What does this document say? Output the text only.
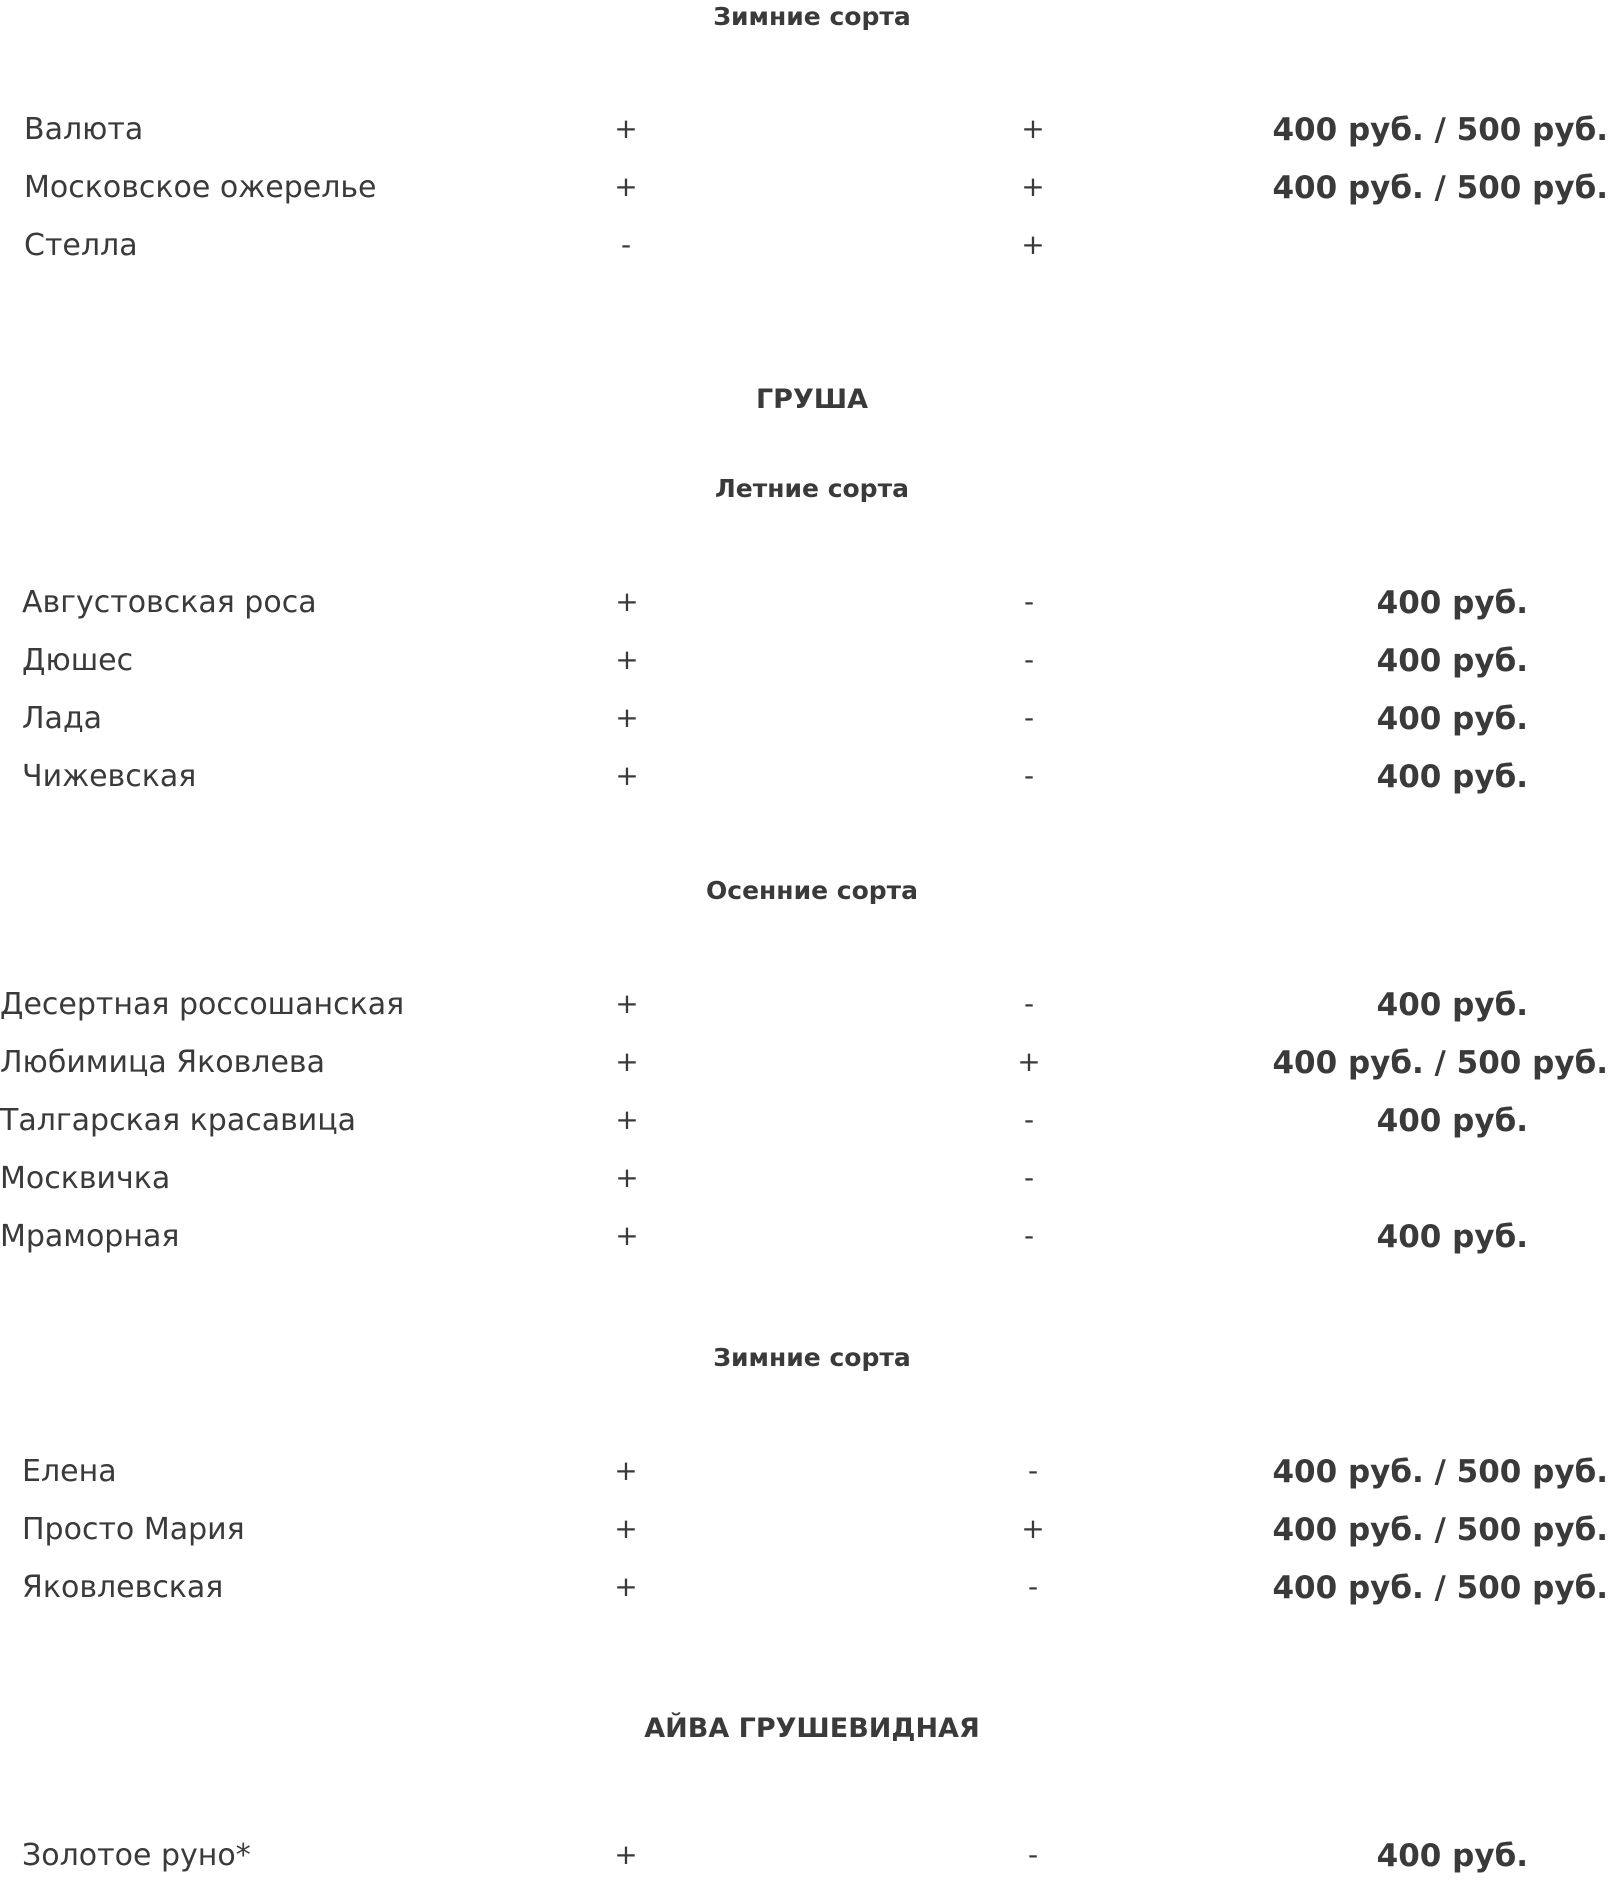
Зимние сорта
Валюта	+	+	400 руб. / 500 руб.
Московское ожерелье	+	+	400 руб. / 500 руб.
Стелла	-	+
ГРУША
Летние сорта
Августовская роса	+	-	400 руб.
Дюшес	+	-	400 руб.
Лада	+	-	400 руб.
Чижевская	+	-	400 руб.
Осенние сорта
Десертная россошанская	+	-	400 руб.
Любимица Яковлева	+	+	400 руб. / 500 руб.
Талгарская красавица	+	-	400 руб.
Москвичка	+	-
Мраморная	+	-	400 руб.
Зимние сорта
Елена	+	-	400 руб. / 500 руб.
Просто Мария	+	+	400 руб. / 500 руб.
Яковлевская	+	-	400 руб. / 500 руб.
АЙВА ГРУШЕВИДНАЯ
Золотое руно*	+	-	400 руб.
